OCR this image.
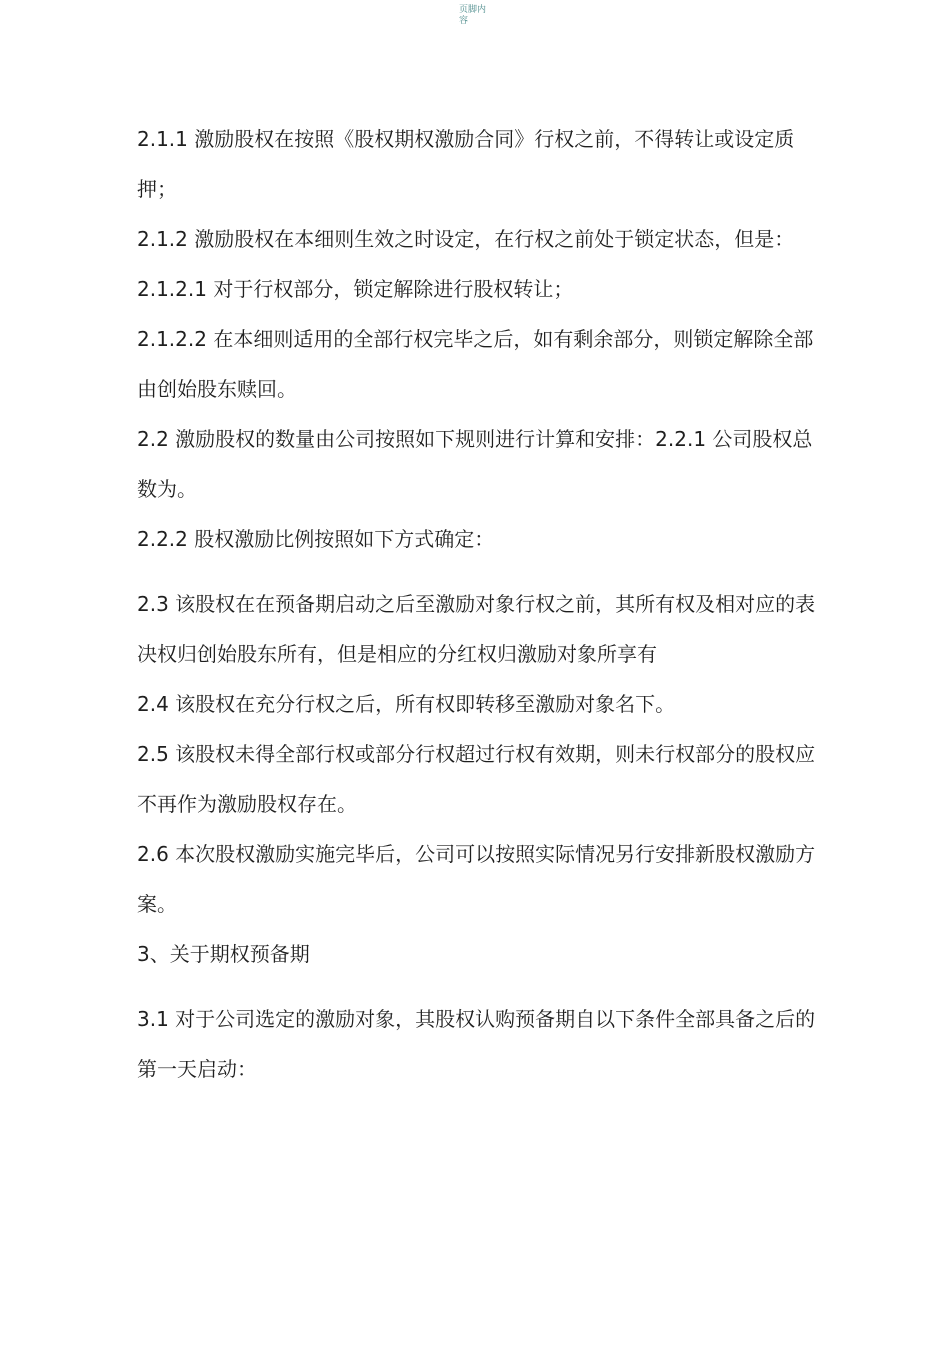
页脚内容

2.1.1 激励股权在按照《股权期权激励合同》行权之前，不得转让或设定质押；

2.1.2 激励股权在本细则生效之时设定，在行权之前处于锁定状态，但是：

2.1.2.1 对于行权部分，锁定解除进行股权转让；

2.1.2.2 在本细则适用的全部行权完毕之后，如有剩余部分，则锁定解除全部由创始股东赎回。

2.2 激励股权的数量由公司按照如下规则进行计算和安排：2.2.1 公司股权总数为。

2.2.2 股权激励比例按照如下方式确定：

2.3 该股权在在预备期启动之后至激励对象行权之前，其所有权及相对应的表决权归创始股东所有，但是相应的分红权归激励对象所享有

2.4 该股权在充分行权之后，所有权即转移至激励对象名下。

2.5 该股权未得全部行权或部分行权超过行权有效期，则未行权部分的股权应不再作为激励股权存在。

2.6 本次股权激励实施完毕后，公司可以按照实际情况另行安排新股权激励方案。

3、关于期权预备期

3.1 对于公司选定的激励对象，其股权认购预备期自以下条件全部具备之后的第一天启动：
